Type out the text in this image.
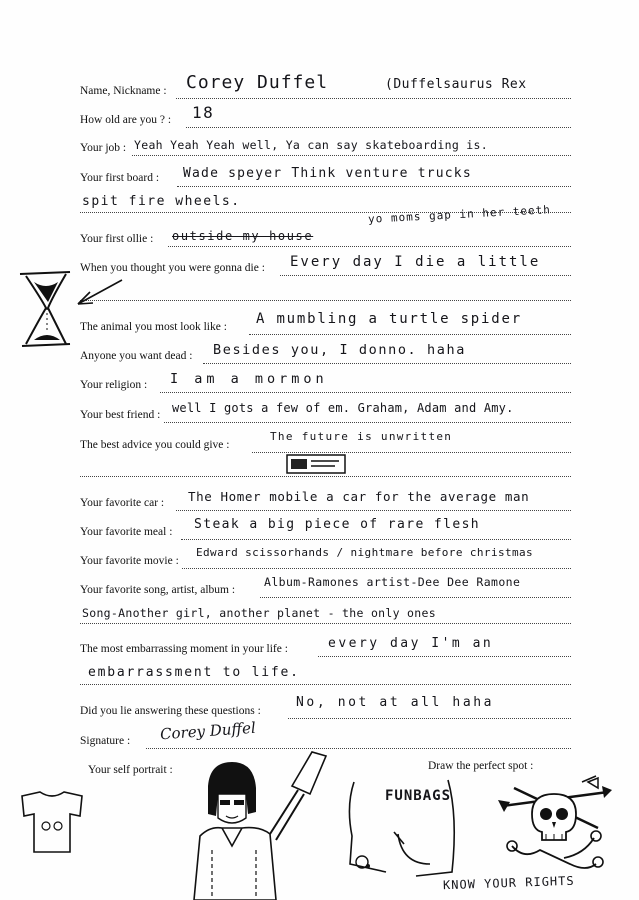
Name, Nickname : Corey Duffel	(Duffelsaurus Rex
How old are you ? : 18
Your job : Yeah Yeah Yeah well, Ya can say skateboarding is.
Your first board : Wade speyer Think venture trucks
spit fire wheels.
Your first ollie : outside my house
yo moms gap in her teeth
When you thought you were gonna die : Every day I die a little
The animal you most look like : A mumbling a turtle spider
Anyone you want dead : Besides you, I donno. haha
Your religion : I am a mormon
Your best friend : well I gots a few of em. Graham, Adam and Amy.
The best advice you could give :
The future is unwritten
Your favorite car : The Homer mobile a car for the average man
Your favorite meal : Steak a big piece of rare flesh
Your favorite movie :
Edward scissorhands / nightmare before christmas
Your favorite song, artist, album :
Album-Ramones artist-Dee Dee Ramone
Song-Another girl, another planet - the only ones
The most embarrassing moment in your life :	every day I'm an
embarrassment to life.
Did you lie answering these questions :
No, not at all haha
Signature : Corey Duffel
Your self portrait :	Draw the perfect spot :
FUNBAGS
KNOW YOUR RIGHTS
